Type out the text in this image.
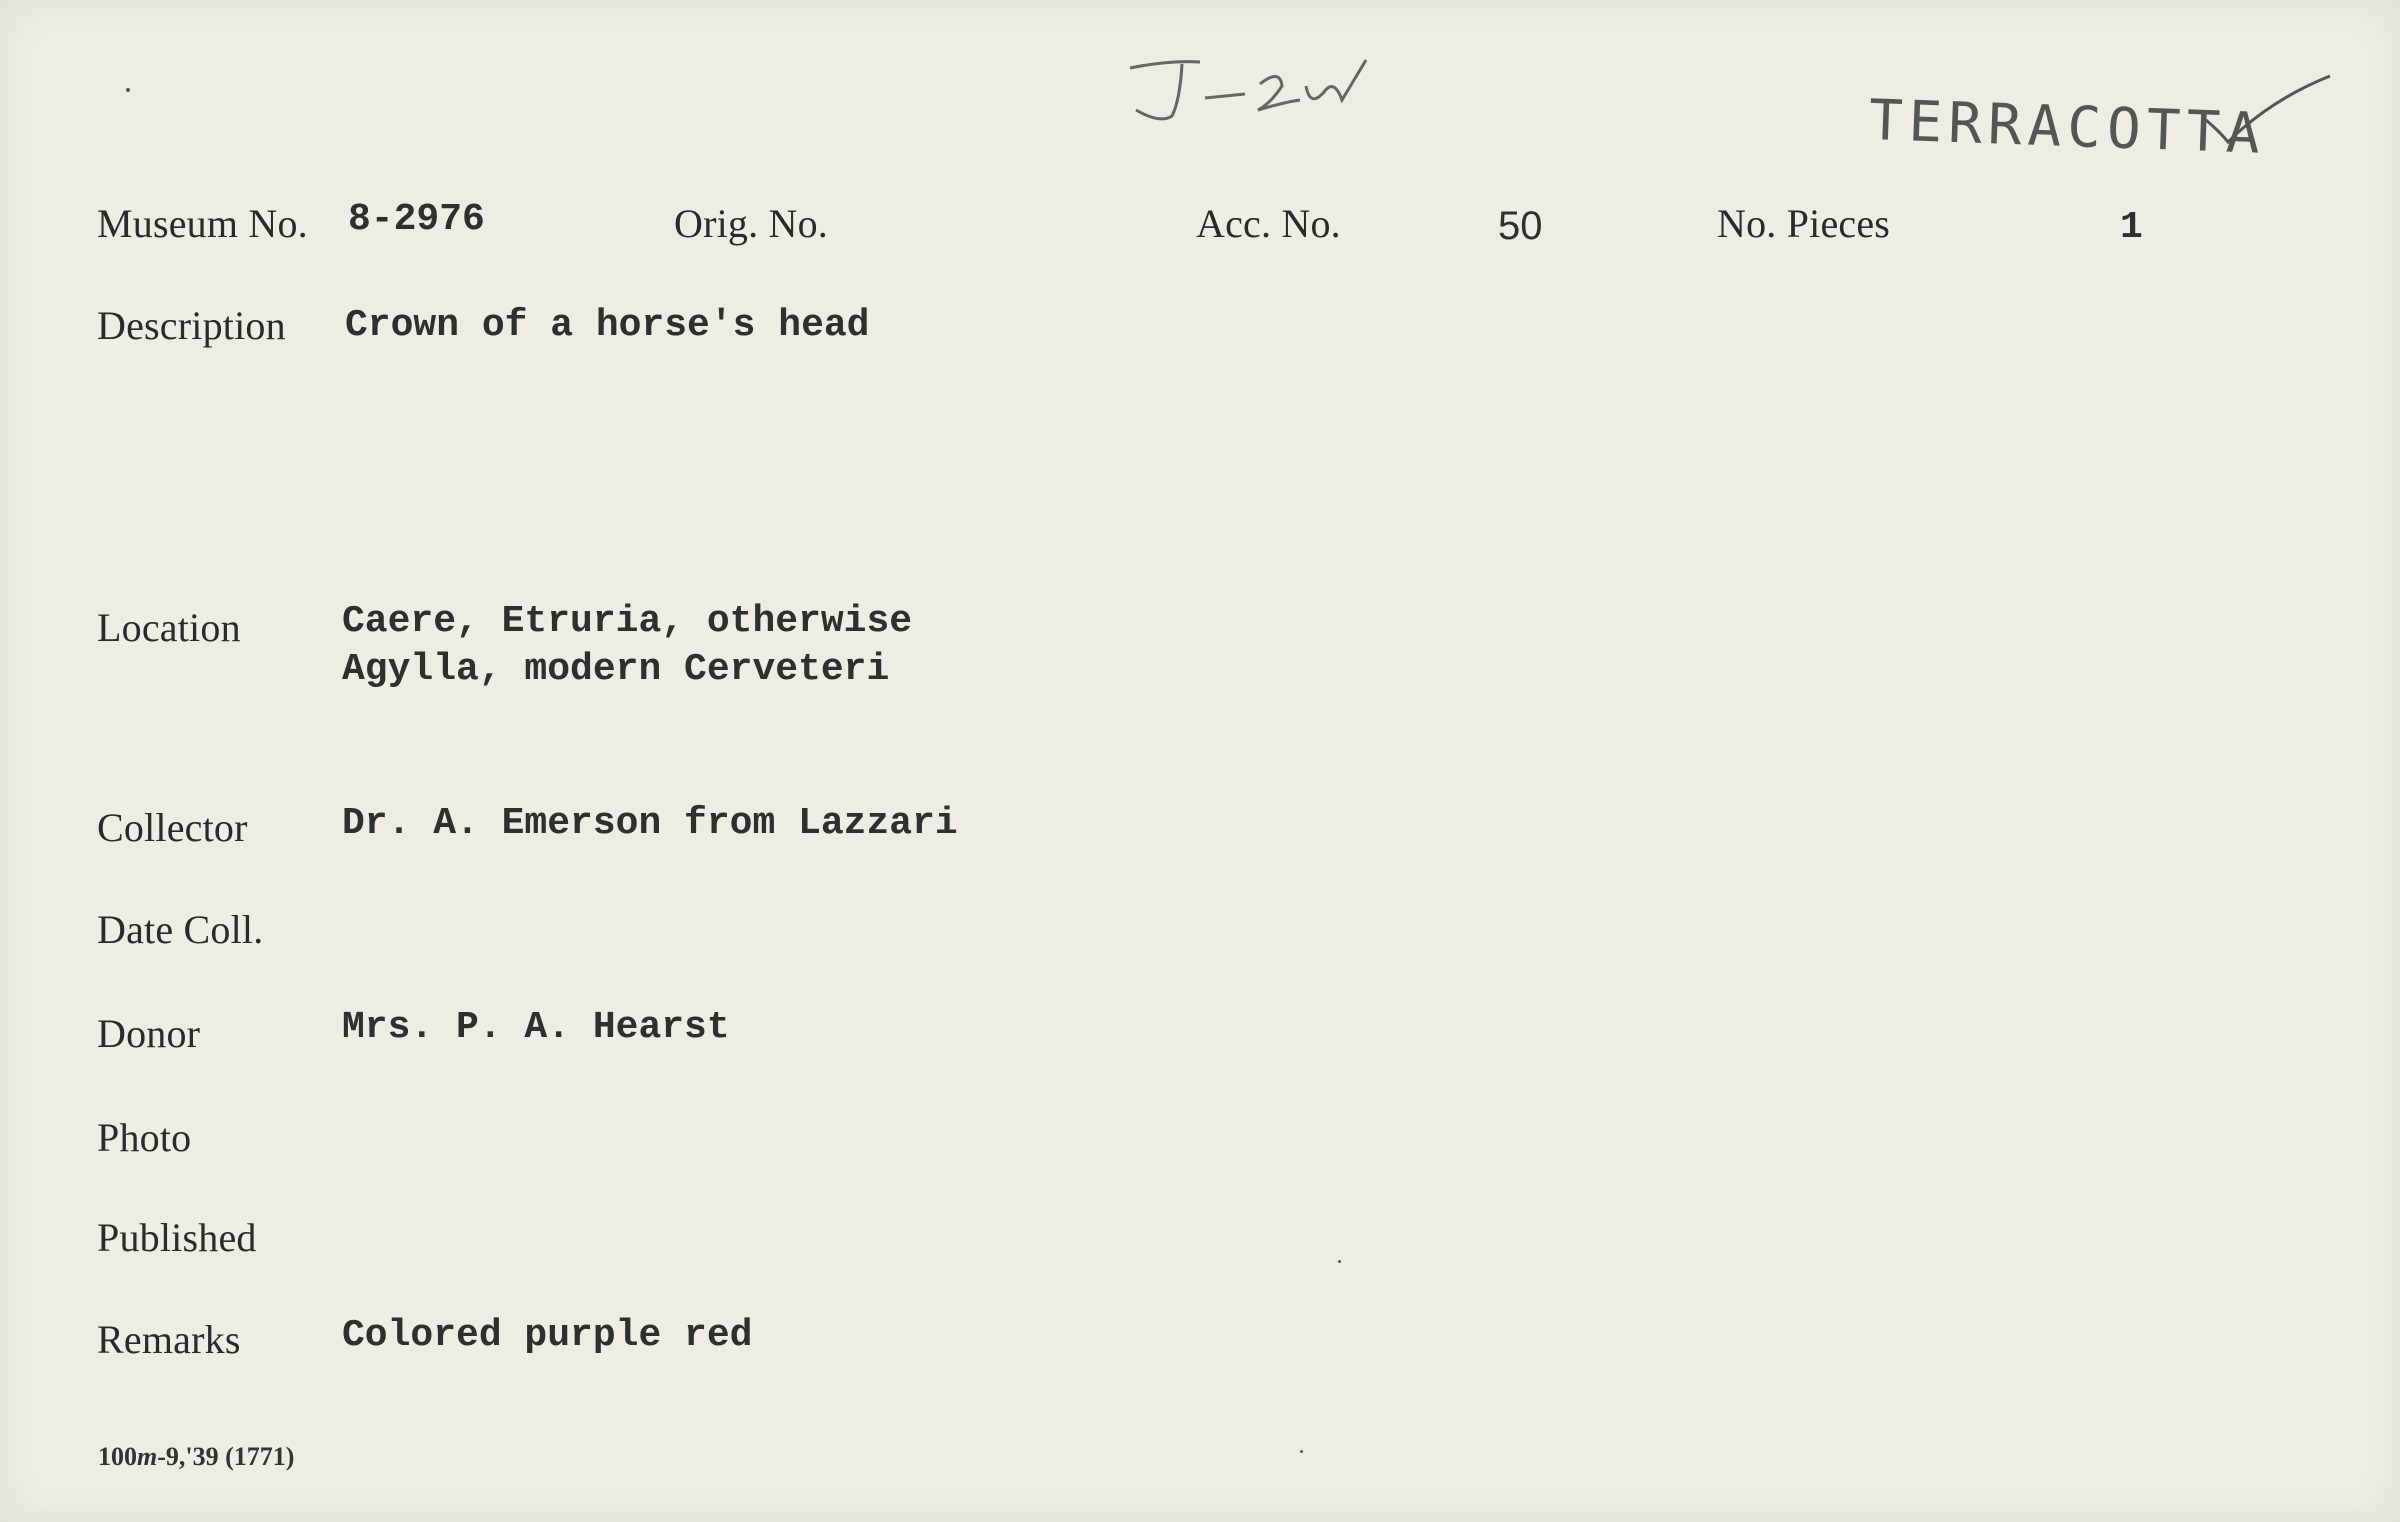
TERRACOTTA
Museum No. 8-2976	Orig. No.	Acc. No.	50	No. Pieces	1
Description Crown of a horse's head
Location	Caere, Etruria, otherwise
Agylla, modern Cerveteri
Collector Dr. A. Emerson from Lazzari
Date Coll.
Donor	Mrs. P. A. Hearst
Photo
Published
Remarks	Colored purple red
100m-9,'39 (1771)
